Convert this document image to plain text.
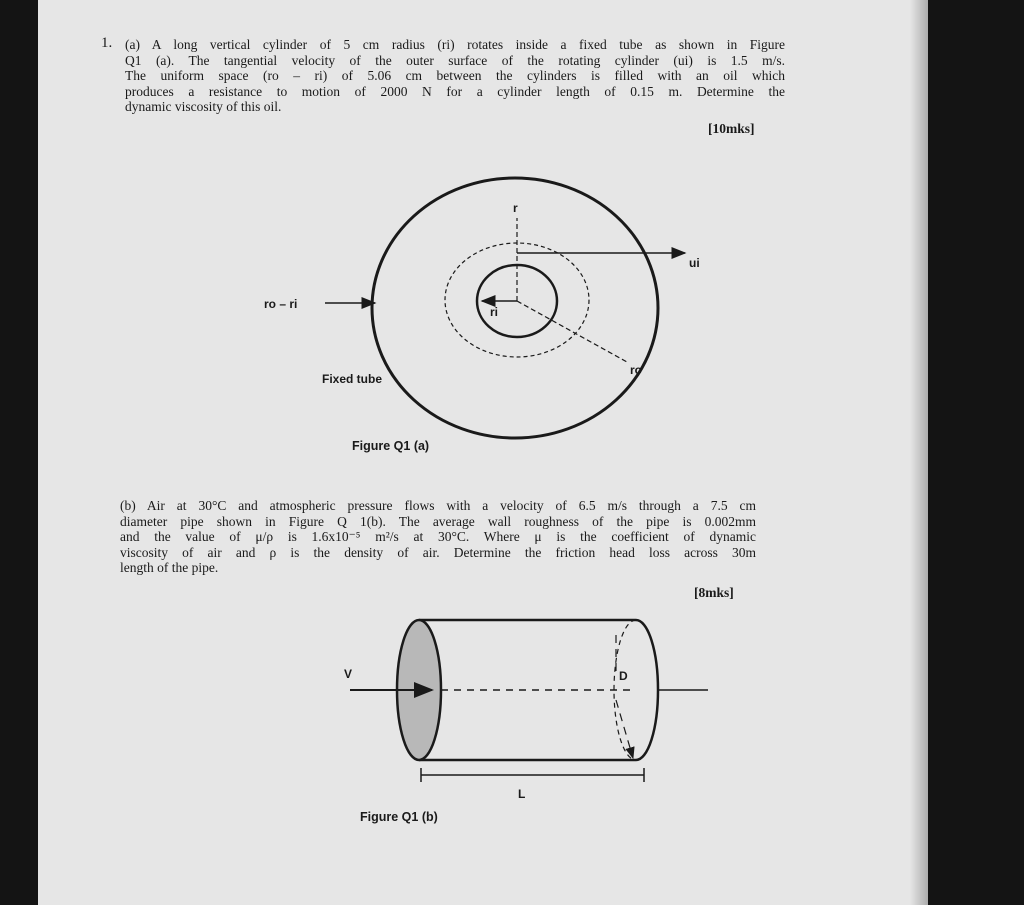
1. (a) A long vertical cylinder of 5 cm radius (ri) rotates inside a fixed tube as shown in Figure
Q1 (a). The tangential velocity of the outer surface of the rotating cylinder (ui) is 1.5 m/s.
The uniform space (ro – ri) of 5.06 cm between the cylinders is filled with an oil which
produces a resistance to motion of 2000 N for a cylinder length of 0.15 m. Determine the
dynamic viscosity of this oil.
[10mks]
r
ui
ro – ri
ri
ro
Fixed tube
V	D
L
Figure Q1 (a)
(b) Air at 30°C and atmospheric pressure flows with a velocity of 6.5 m/s through a 7.5 cm
diameter pipe shown in Figure Q 1(b). The average wall roughness of the pipe is 0.002mm
and the value of μ/ρ is 1.6x10⁻⁵ m²/s at 30°C. Where μ is the coefficient of dynamic
viscosity of air and ρ is the density of air. Determine the friction head loss across 30m
length of the pipe.
[8mks]
Figure Q1 (b)
